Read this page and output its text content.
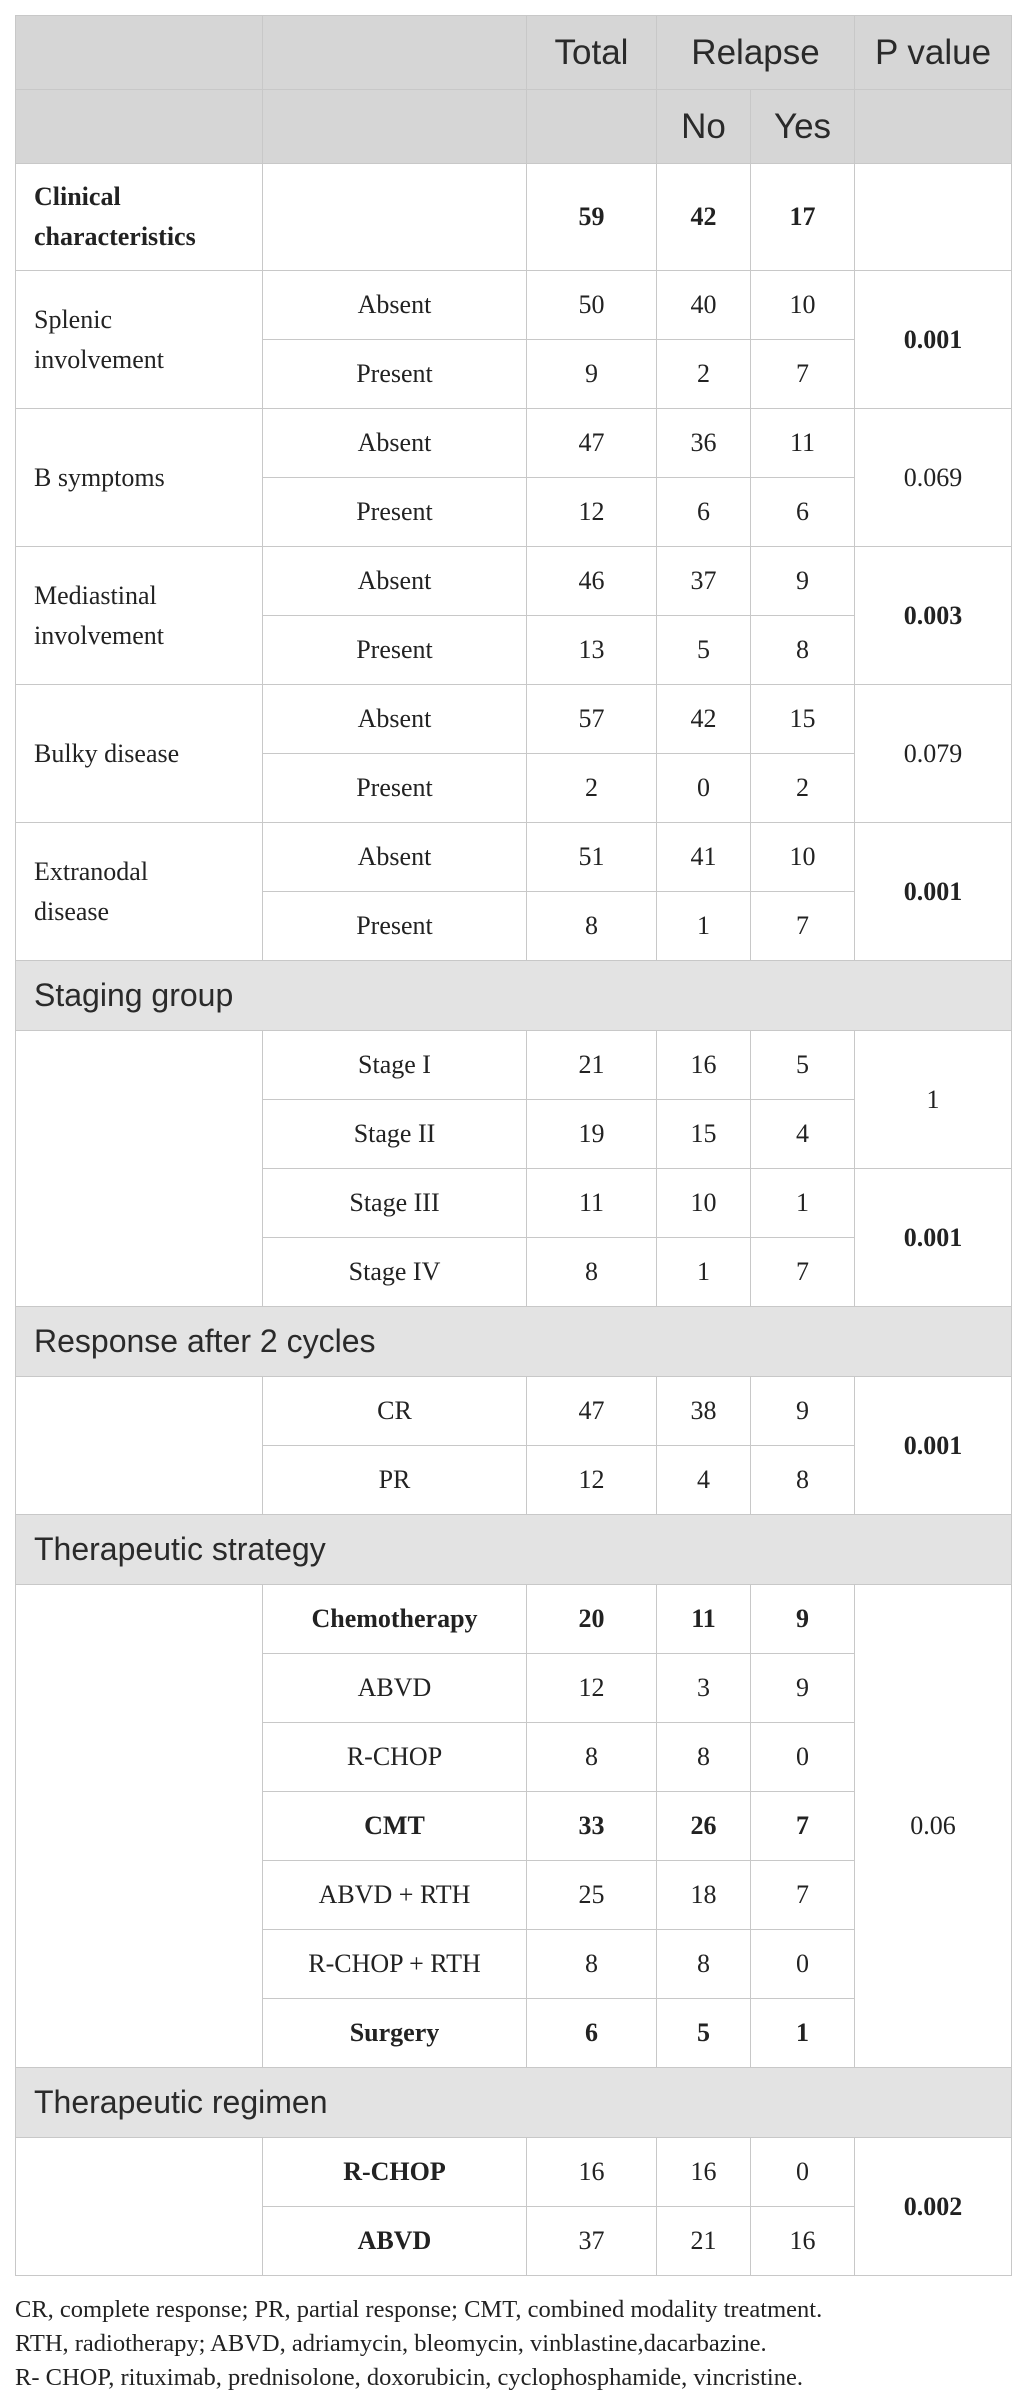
		Total	Relapse		P value
			No	Yes	
Clinical
characteristics		59	42	17	
Splenic
involvement	Absent	50	40	10	0.001
	Present	9	2	7	
B symptoms	Absent	47	36	11	0.069
	Present	12	6	6	
Mediastinal
involvement	Absent	46	37	9	0.003
	Present	13	5	8	
Bulky disease	Absent	57	42	15	0.079
	Present	2	0	2	
Extranodal
disease	Absent	51	41	10	0.001
	Present	8	1	7	
Staging group					
	Stage I	21	16	5	1
	Stage II	19	15	4	
	Stage III	11	10	1	0.001
	Stage IV	8	1	7	
Response after 2 cycles					
	CR	47	38	9	0.001
	PR	12	4	8	
Therapeutic strategy					
	Chemotherapy	20	11	9	0.06
	ABVD	12	3	9	
	R-CHOP	8	8	0	
	CMT	33	26	7	
	ABVD + RTH	25	18	7	
	R-CHOP + RTH	8	8	0	
	Surgery	6	5	1	
Therapeutic regimen					
	R-CHOP	16	16	0	0.002
	ABVD	37	21	16	
CR, complete response; PR, partial response; CMT, combined modality treatment.
RTH, radiotherapy; ABVD, adriamycin, bleomycin, vinblastine,dacarbazine.
R- CHOP, rituximab, prednisolone, doxorubicin, cyclophosphamide, vincristine.
